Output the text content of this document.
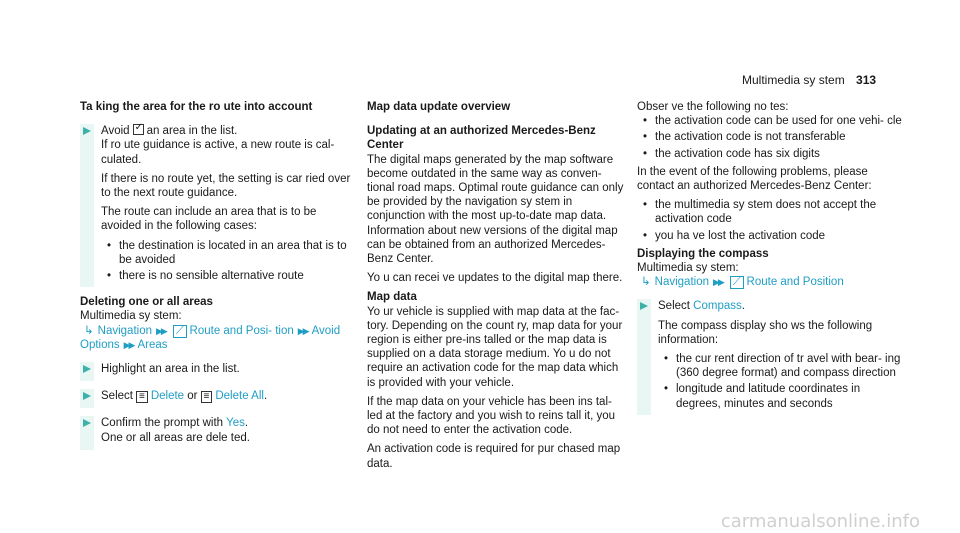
Multimedia sy stem 313
Ta king the area for the ro ute into account

Avoid✓ an area in the list.
If ro ute guidance is active, a new route is cal‐ culated.

If there is no route yet, the setting is car ried over to the next route guidance.

The route can include an area that is to be avoided in the following cases:

• the destination is located in an area that is to be avoided
• there is no sensible alternative route
Deleting one or all areas
Multimedia sy stem:
↳ Navigation ▶▶ ⟋ Route and Posi‐ tion ▶▶ Avoid Options ▶▶ Areas

Highlight an area in the list.

Select ≡ Delete or ≡ Delete All.

Confirm the prompt with Yes.
One or all areas are dele ted.

Map data update overview
Updating at an authorized Mercedes-Benz Center

The digital maps generated by the map software become outdated in the same way as conven‐ tional road maps. Optimal route guidance can only be provided by the navigation sy stem in conjunction with the most up-to-date map data. Information about new versions of the digital map can be obtained from an authorized Mercedes-Benz Center.

Yo u can recei ve updates to the digital map there.

Map data

Yo ur vehicle is supplied with map data at the fac‐ tory. Depending on the count ry, map data for your region is either pre-ins talled or the map data is supplied on a data storage medium. Yo u do not require an activation code for the map data which is provided with your vehicle.

If the map data on your vehicle has been ins tal‐ led at the factory and you wish to reins tall it, you do not need to enter the activation code.

An activation code is required for pur chased map data.

Obser ve the following no tes:
• the activation code can be used for one vehi‐ cle
• the activation code is not transferable
• the activation code has six digits

In the event of the following problems, please contact an authorized Mercedes-Benz Center:

• the multimedia sy stem does not accept the activation code
• you ha ve lost the activation code
Displaying the compass
Multimedia sy stem:
↳ Navigation ▶▶ ⟋ Route and Position

Select Compass.

The compass display sho ws the following information:

• the cur rent direction of tr avel with bear‐ ing (360 degree format) and compass direction
• longitude and latitude coordinates in degrees, minutes and seconds
carmanualsonline.info
